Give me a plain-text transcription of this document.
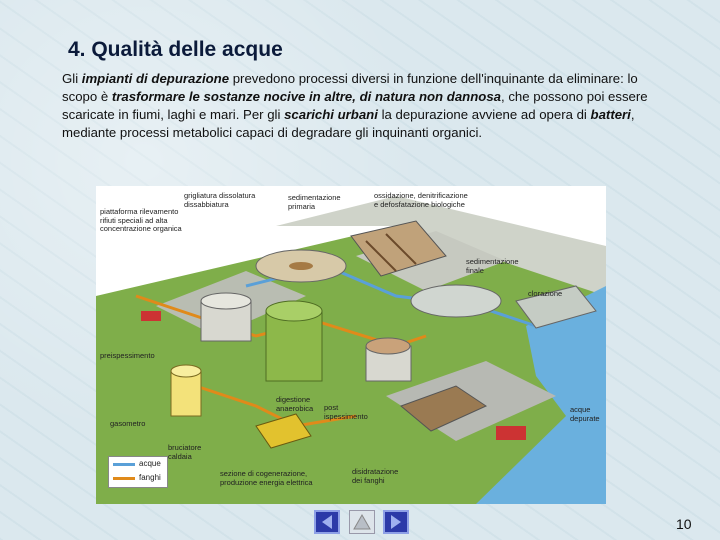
4. Qualità delle acque
Gli impianti di depurazione prevedono processi diversi in funzione dell'inquinante da eliminare: lo scopo è trasformare le sostanze nocive in altre, di natura non dannosa, che possono poi essere scaricate in fiumi, laghi e mari. Per gli scarichi urbani la depurazione avviene ad opera di batteri, mediante processi metabolici capaci di degradare gli inquinanti organici.
grigliatura dissolatura
dissabbiatura
sedimentazione
primaria
ossidazione, denitrificazione
e defosfatazione biologiche
piattaforma rilevamento
rifiuti speciali ad alta
concentrazione organica
sedimentazione
finale
clorazione
preispessimento
gasometro
digestione
anaerobica post
ispessimento
acque
depurate
bruciatore
caldaia
sezione di cogenerazione,
produzione energia elettrica
disidratazione
dei fanghi
acque
fanghi
10
